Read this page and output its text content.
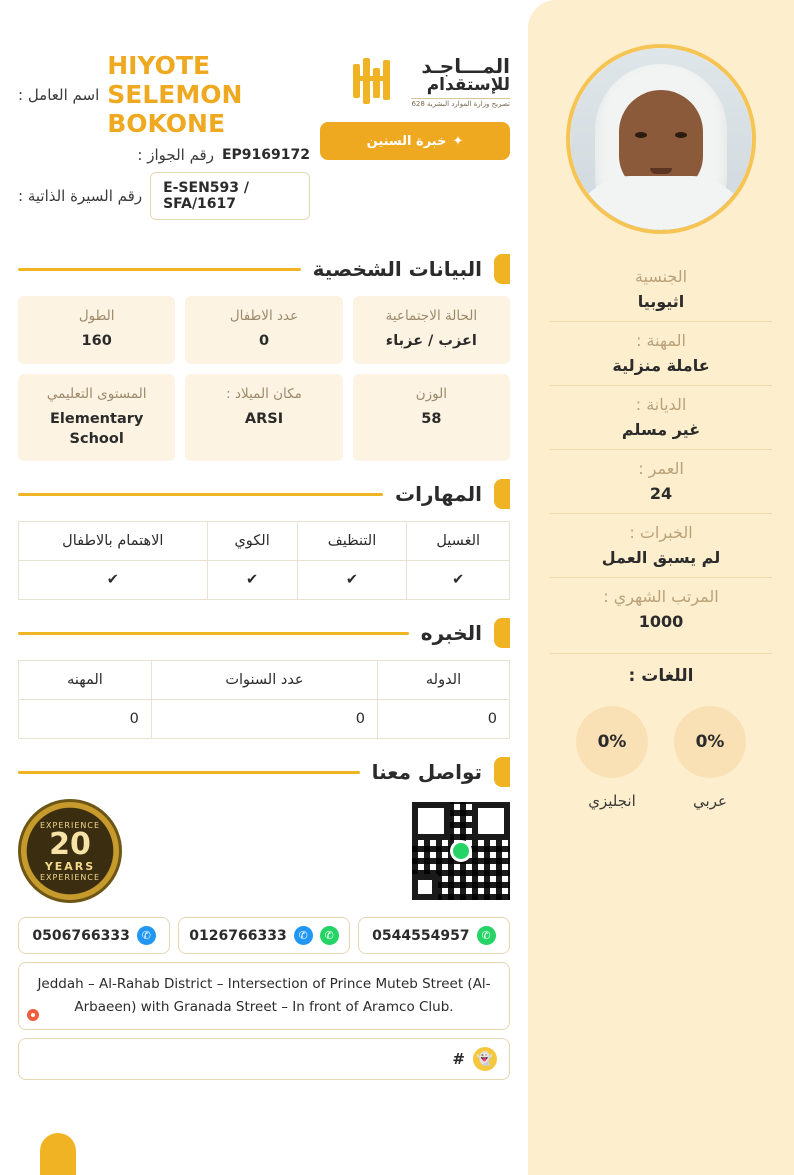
الجنسية
اثيوبيا
المهنة :
عاملة منزلية
الديانة :
غير مسلم
العمر :
24
الخبرات :
لم يسبق العمل
المرتب الشهري :
1000
اللغات :
0%
عربي
0%
انجليزي
المـــاجـد
للإستقدام
تصريح وزارة الموارد البشرية 628
✦
خبرة السنين
HIYOTE SELEMON BOKONE
اسم العامل :
EP9169172
رقم الجواز :
E-SEN593 / SFA/1617
رقم السيرة الذاتية :
البيانات الشخصية
الحالة الاجتماعية
اعزب / عزباء
عدد الاطفال
0
الطول
160
الوزن
58
مكان الميلاد :
ARSI
المستوى التعليمي
Elementary School
المهارات
الغسيل	التنظيف	الكوي	الاهتمام بالاطفال
✔	✔	✔	✔
الخبره
الدوله	عدد السنوات	المهنه
0	0	0
تواصل معنا
EXPERIENCE
20
YEARS
EXPERIENCE
✆
0544554957
✆
✆
0126766333
✆
0506766333
Jeddah – Al-Rahab District – Intersection of Prince Muteb Street (Al-Arbaeen) with Granada Street – In front of Aramco Club.
👻
#
